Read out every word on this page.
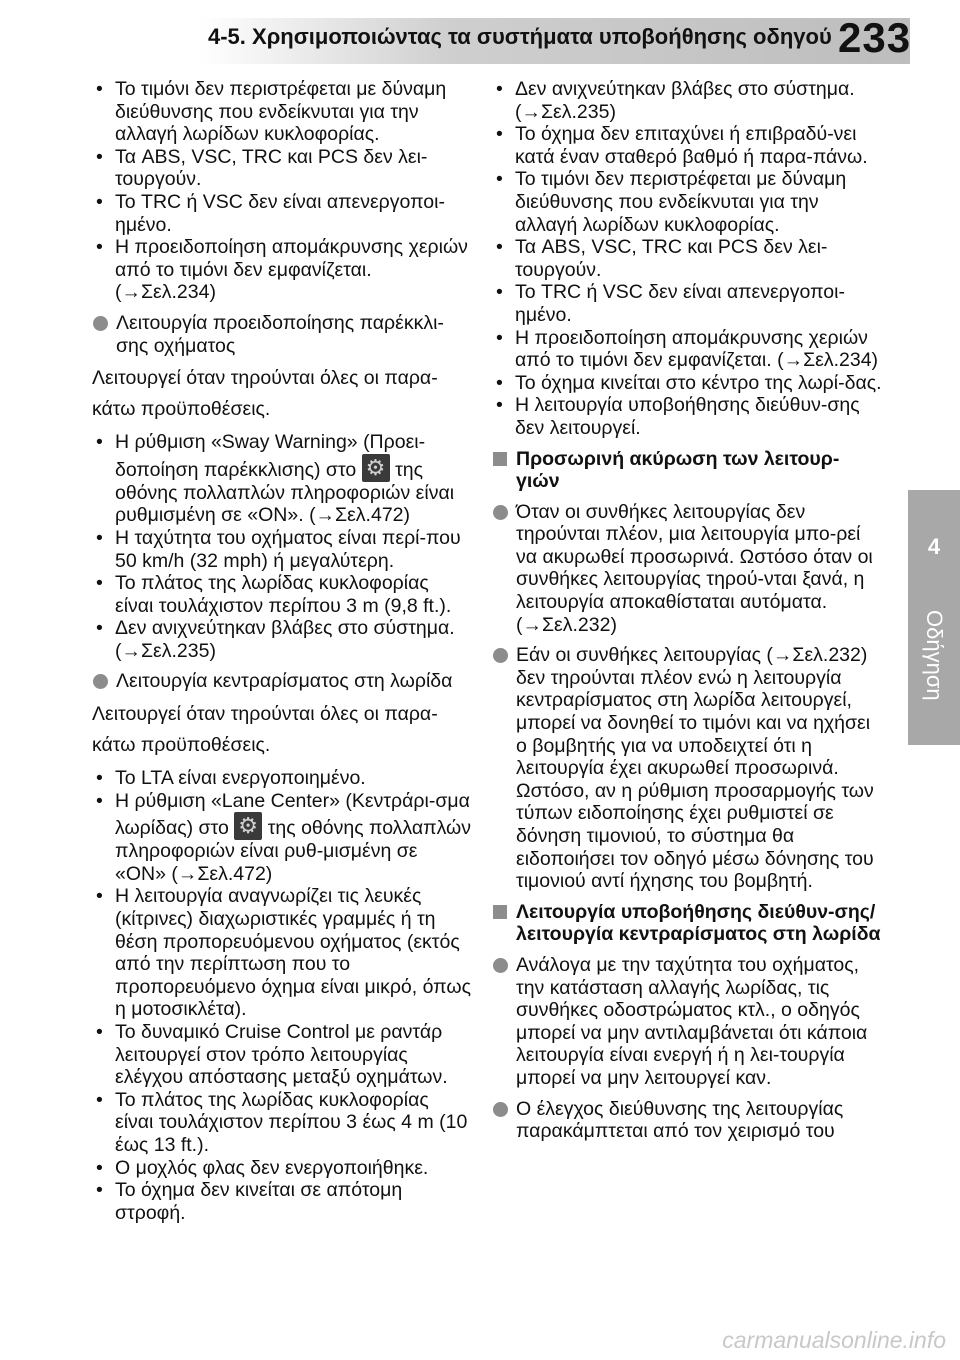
4-5. Χρησιμοποιώντας τα συστήματα υποβοήθησης οδηγού 233
4
Οδήγηση

• Το τιμόνι δεν περιστρέφεται με δύναμη διεύθυνσης που ενδείκνυται για την αλλαγή λωρίδων κυκλοφορίας.

• Τα ABS, VSC, TRC και PCS δεν λει-τουργούν.

• Το TRC ή VSC δεν είναι απενεργοποι-ημένο.

• Η προειδοποίηση απομάκρυνσης χεριών από το τιμόνι δεν εμφανίζεται. (→Σελ.234)

Λειτουργία προειδοποίησης παρέκκλι-σης οχήματος

Λειτουργεί όταν τηρούνται όλες οι παρα-κάτω προϋποθέσεις.

• Η ρύθμιση «Sway Warning» (Προει-δοποίηση παρέκκλισης) στο ⚙ της οθόνης πολλαπλών πληροφοριών είναι ρυθμισμένη σε «ON». (→Σελ.472)

• Η ταχύτητα του οχήματος είναι περί-που 50 km/h (32 mph) ή μεγαλύτερη.

• Το πλάτος της λωρίδας κυκλοφορίας είναι τουλάχιστον περίπου 3 m (9,8 ft.).

• Δεν ανιχνεύτηκαν βλάβες στο σύστημα. (→Σελ.235)

Λειτουργία κεντραρίσματος στη λωρίδα

Λειτουργεί όταν τηρούνται όλες οι παρα-κάτω προϋποθέσεις.

• Το LTA είναι ενεργοποιημένο.

• Η ρύθμιση «Lane Center» (Κεντράρι-σμα λωρίδας) στο ⚙ της οθόνης πολλαπλών πληροφοριών είναι ρυθ-μισμένη σε «ON» (→Σελ.472)

• Η λειτουργία αναγνωρίζει τις λευκές (κίτρινες) διαχωριστικές γραμμές ή τη θέση προπορευόμενου οχήματος (εκτός από την περίπτωση που το προπορευόμενο όχημα είναι μικρό, όπως η μοτοσικλέτα).

• Το δυναμικό Cruise Control με ραντάρ λειτουργεί στον τρόπο λειτουργίας ελέγχου απόστασης μεταξύ οχημάτων.

• Το πλάτος της λωρίδας κυκλοφορίας είναι τουλάχιστον περίπου 3 έως 4 m (10 έως 13 ft.).

• Ο μοχλός φλας δεν ενεργοποιήθηκε.

• Το όχημα δεν κινείται σε απότομη στροφή.

• Δεν ανιχνεύτηκαν βλάβες στο σύστημα. (→Σελ.235)

• Το όχημα δεν επιταχύνει ή επιβραδύ-νει κατά έναν σταθερό βαθμό ή παρα-πάνω.

• Το τιμόνι δεν περιστρέφεται με δύναμη διεύθυνσης που ενδείκνυται για την αλλαγή λωρίδων κυκλοφορίας.

• Τα ABS, VSC, TRC και PCS δεν λει-τουργούν.

• Το TRC ή VSC δεν είναι απενεργοποι-ημένο.

• Η προειδοποίηση απομάκρυνσης χεριών από το τιμόνι δεν εμφανίζεται. (→Σελ.234)

• Το όχημα κινείται στο κέντρο της λωρί-δας.

• Η λειτουργία υποβοήθησης διεύθυν-σης δεν λειτουργεί.

Προσωρινή ακύρωση των λειτουρ-γιών

Όταν οι συνθήκες λειτουργίας δεν τηρούνται πλέον, μια λειτουργία μπο-ρεί να ακυρωθεί προσωρινά. Ωστόσο όταν οι συνθήκες λειτουργίας τηρού-νται ξανά, η λειτουργία αποκαθίσταται αυτόματα. (→Σελ.232)

Εάν οι συνθήκες λειτουργίας (→Σελ.232) δεν τηρούνται πλέον ενώ η λειτουργία κεντραρίσματος στη λωρίδα λειτουργεί, μπορεί να δονηθεί το τιμόνι και να ηχήσει ο βομβητής για να υποδειχτεί ότι η λειτουργία έχει ακυρωθεί προσωρινά. Ωστόσο, αν η ρύθμιση προσαρμογής των τύπων ειδοποίησης έχει ρυθμιστεί σε δόνηση τιμονιού, το σύστημα θα ειδοποιήσει τον οδηγό μέσω δόνησης του τιμονιού αντί ήχησης του βομβητή.

Λειτουργία υποβοήθησης διεύθυν-σης/λειτουργία κεντραρίσματος στη λωρίδα

Ανάλογα με την ταχύτητα του οχήματος, την κατάσταση αλλαγής λωρίδας, τις συνθήκες οδοστρώματος κτλ., ο οδηγός μπορεί να μην αντιλαμβάνεται ότι κάποια λειτουργία είναι ενεργή ή η λει-τουργία μπορεί να μην λειτουργεί καν.

Ο έλεγχος διεύθυνσης της λειτουργίας παρακάμπτεται από τον χειρισμό του

carmanualsonline.info
